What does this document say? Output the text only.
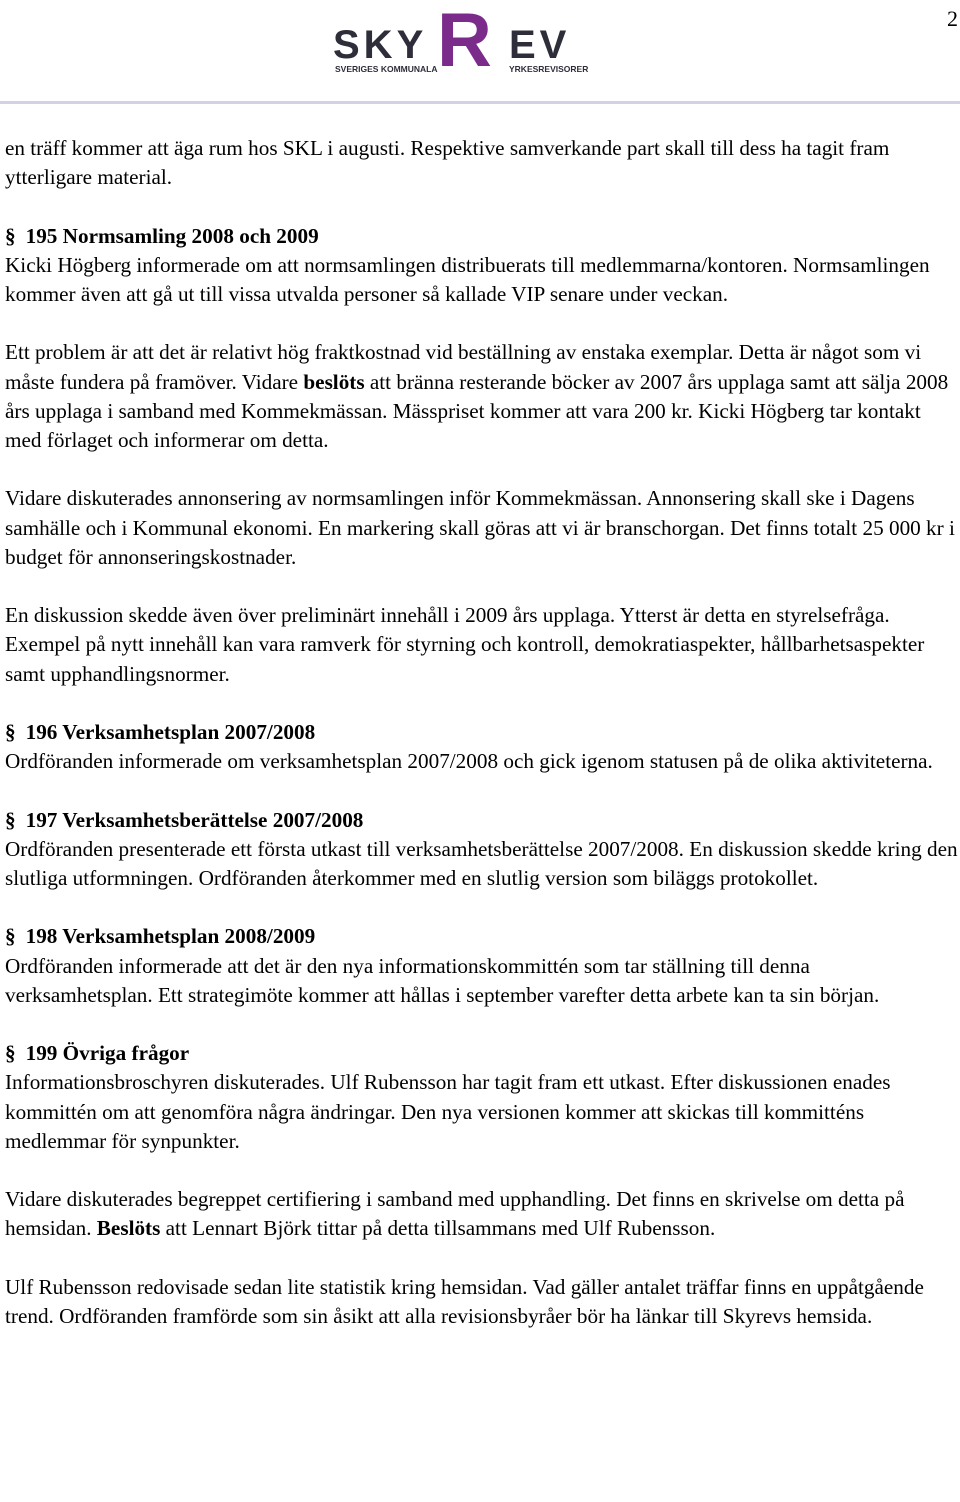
2
SKY R EV
SVERIGES KOMMUNALA	YRKESREVISORER

en träff kommer att äga rum hos SKL i augusti. Respektive samverkande part skall till dess ha tagit fram ytterligare material.

§ 195 Normsamling 2008 och 2009
Kicki Högberg informerade om att normsamlingen distribuerats till medlemmarna/kontoren. Normsamlingen kommer även att gå ut till vissa utvalda personer så kallade VIP senare under veckan.

Ett problem är att det är relativt hög fraktkostnad vid beställning av enstaka exemplar. Detta är något som vi måste fundera på framöver. Vidare beslöts att bränna resterande böcker av 2007 års upplaga samt att sälja 2008 års upplaga i samband med Kommekmässan. Mässpriset kommer att vara 200 kr. Kicki Högberg tar kontakt med förlaget och informerar om detta.

Vidare diskuterades annonsering av normsamlingen inför Kommekmässan. Annonsering skall ske i Dagens samhälle och i Kommunal ekonomi. En markering skall göras att vi är branschorgan. Det finns totalt 25 000 kr i budget för annonseringskostnader.

En diskussion skedde även över preliminärt innehåll i 2009 års upplaga. Ytterst är detta en styrelsefråga. Exempel på nytt innehåll kan vara ramverk för styrning och kontroll, demokratiaspekter, hållbarhetsaspekter samt upphandlingsnormer.

§ 196 Verksamhetsplan 2007/2008
Ordföranden informerade om verksamhetsplan 2007/2008 och gick igenom statusen på de olika aktiviteterna.

§ 197 Verksamhetsberättelse 2007/2008
Ordföranden presenterade ett första utkast till verksamhetsberättelse 2007/2008. En diskussion skedde kring den slutliga utformningen. Ordföranden återkommer med en slutlig version som biläggs protokollet.

§ 198 Verksamhetsplan 2008/2009
Ordföranden informerade att det är den nya informationskommittén som tar ställning till denna verksamhetsplan. Ett strategimöte kommer att hållas i september varefter detta arbete kan ta sin början.

§ 199 Övriga frågor
Informationsbroschyren diskuterades. Ulf Rubensson har tagit fram ett utkast. Efter diskussionen enades kommittén om att genomföra några ändringar. Den nya versionen kommer att skickas till kommitténs medlemmar för synpunkter.

Vidare diskuterades begreppet certifiering i samband med upphandling. Det finns en skrivelse om detta på hemsidan. Beslöts att Lennart Björk tittar på detta tillsammans med Ulf Rubensson.

Ulf Rubensson redovisade sedan lite statistik kring hemsidan. Vad gäller antalet träffar finns en uppåtgående trend. Ordföranden framförde som sin åsikt att alla revisionsbyråer bör ha länkar till Skyrevs hemsida.
